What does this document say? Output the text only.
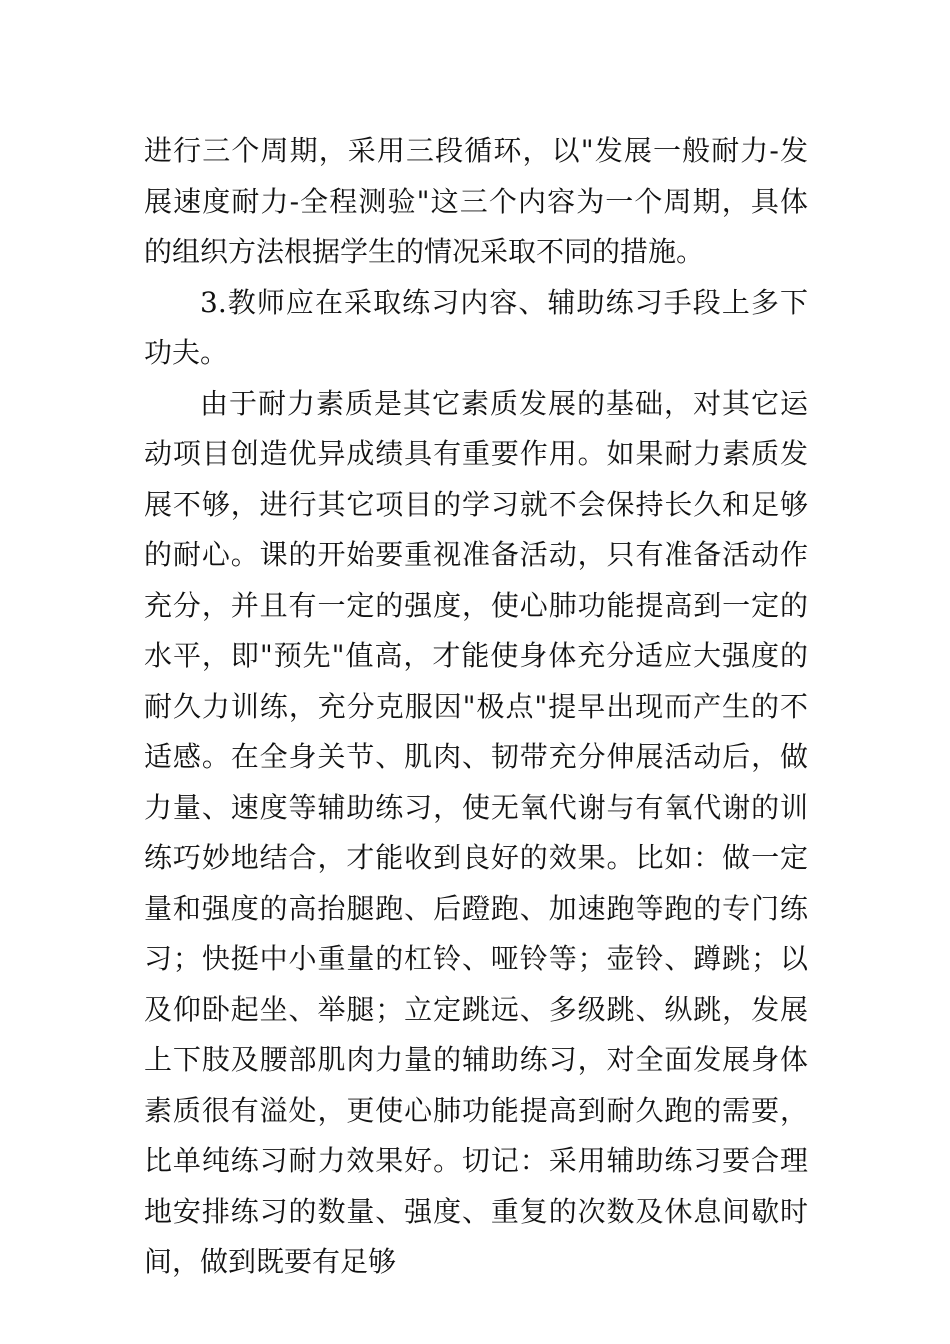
进行三个周期，采用三段循环，以"发展一般耐力-发展速度耐力-全程测验"这三个内容为一个周期，具体的组织方法根据学生的情况采取不同的措施。

3.教师应在采取练习内容、辅助练习手段上多下功夫。

由于耐力素质是其它素质发展的基础，对其它运动项目创造优异成绩具有重要作用。如果耐力素质发展不够，进行其它项目的学习就不会保持长久和足够的耐心。课的开始要重视准备活动，只有准备活动作充分，并且有一定的强度，使心肺功能提高到一定的水平，即"预先"值高，才能使身体充分适应大强度的耐久力训练，充分克服因"极点"提早出现而产生的不适感。在全身关节、肌肉、韧带充分伸展活动后，做力量、速度等辅助练习，使无氧代谢与有氧代谢的训练巧妙地结合，才能收到良好的效果。比如：做一定量和强度的高抬腿跑、后蹬跑、加速跑等跑的专门练习；快挺中小重量的杠铃、哑铃等；壶铃、蹲跳；以及仰卧起坐、举腿；立定跳远、多级跳、纵跳，发展上下肢及腰部肌肉力量的辅助练习，对全面发展身体素质很有溢处，更使心肺功能提高到耐久跑的需要，比单纯练习耐力效果好。切记：采用辅助练习要合理地安排练习的数量、强度、重复的次数及休息间歇时间，做到既要有足够
